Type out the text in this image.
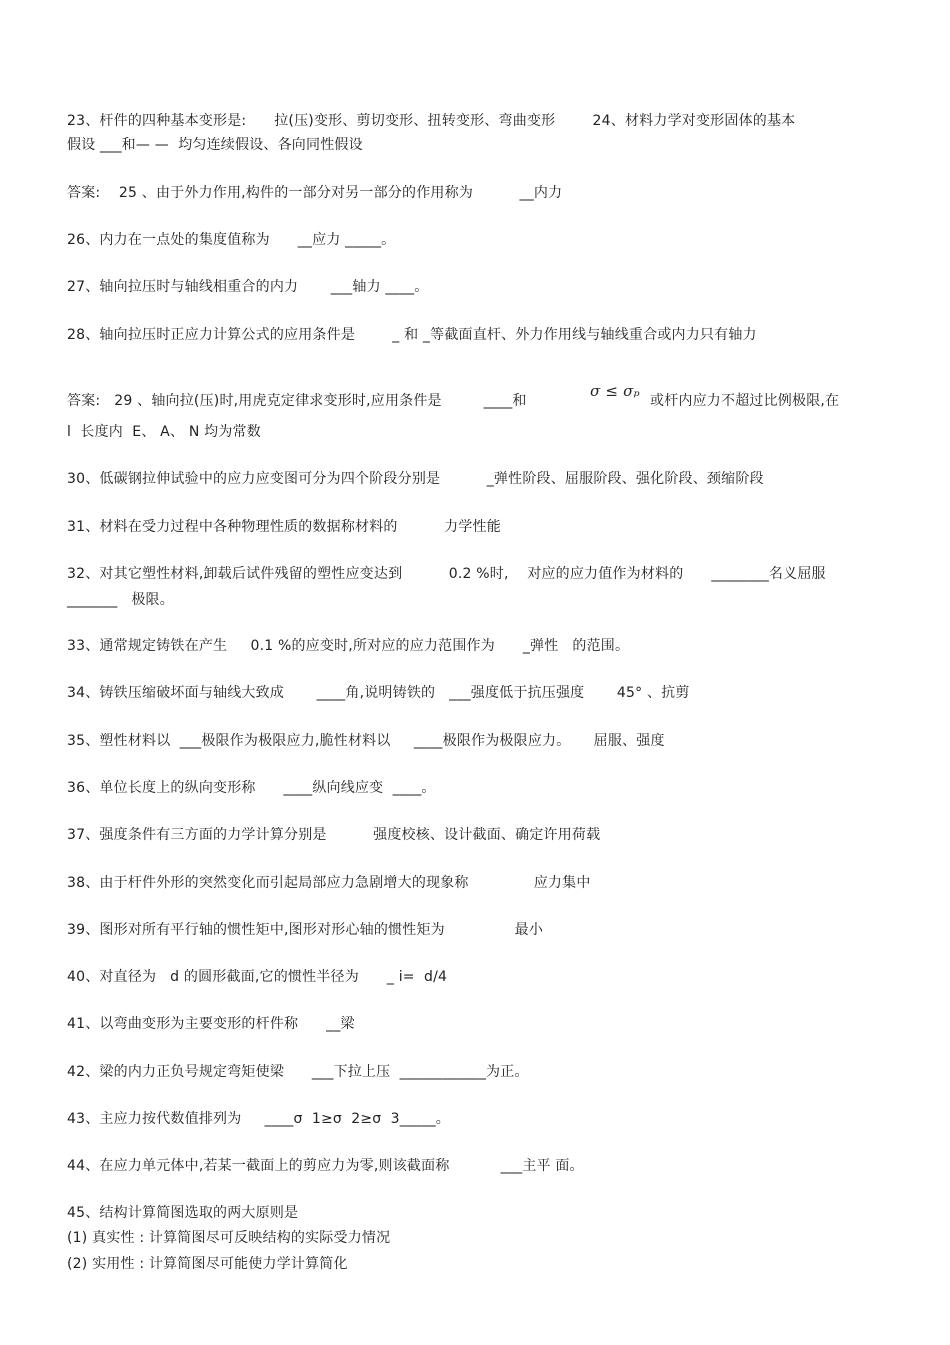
23、杆件的四种基本变形是:      拉(压)变形、剪切变形、扭转变形、弯曲变形        24、材料力学对变形固体的基本
假设 ___和— —  均匀连续假设、各向同性假设
答案:    25 、由于外力作用,构件的一部分对另一部分的作用称为          __内力
26、内力在一点处的集度值称为      __应力 _____。
27、轴向拉压时与轴线相重合的内力       ___轴力 ____。
28、轴向拉压时正应力计算公式的应用条件是        _ 和 _等截面直杆、外力作用线与轴线重合或内力只有轴力
答案:   29 、轴向拉(压)时,用虎克定律求变形时,应用条件是         ____和
σ ≤ σₚ
或杆内应力不超过比例极限,在
l  长度内  E、 A、 N 均为常数
30、低碳钢拉伸试验中的应力应变图可分为四个阶段分别是          _弹性阶段、屈服阶段、强化阶段、颈缩阶段
31、材料在受力过程中各种物理性质的数据称材料的          力学性能
32、对其它塑性材料,卸载后试件残留的塑性应变达到          0.2 %时,    对应的应力值作为材料的      ________名义屈服
_______   极限。
33、通常规定铸铁在产生     0.1 %的应变时,所对应的应力范围作为      _弹性   的范围。
34、铸铁压缩破坏面与轴线大致成       ____角,说明铸铁的   ___强度低于抗压强度       45° 、抗剪
35、塑性材料以  ___极限作为极限应力,脆性材料以     ____极限作为极限应力。     屈服、强度
36、单位长度上的纵向变形称      ____纵向线应变  ____。
37、强度条件有三方面的力学计算分别是          强度校核、设计截面、确定许用荷载
38、由于杆件外形的突然变化而引起局部应力急剧增大的现象称              应力集中
39、图形对所有平行轴的惯性矩中,图形对形心轴的惯性矩为               最小
40、对直径为   d 的圆形截面,它的惯性半径为      _ i=  d/4
41、以弯曲变形为主要变形的杆件称      __梁
42、梁的内力正负号规定弯矩使梁      ___下拉上压  ____________为正。
43、主应力按代数值排列为     ____σ  1≥σ  2≥σ  3_____。
44、在应力单元体中,若某一截面上的剪应力为零,则该截面称           ___主平 面。
45、结构计算简图选取的两大原则是
(1) 真实性 : 计算简图尽可反映结构的实际受力情况
(2) 实用性 : 计算简图尽可能使力学计算简化
